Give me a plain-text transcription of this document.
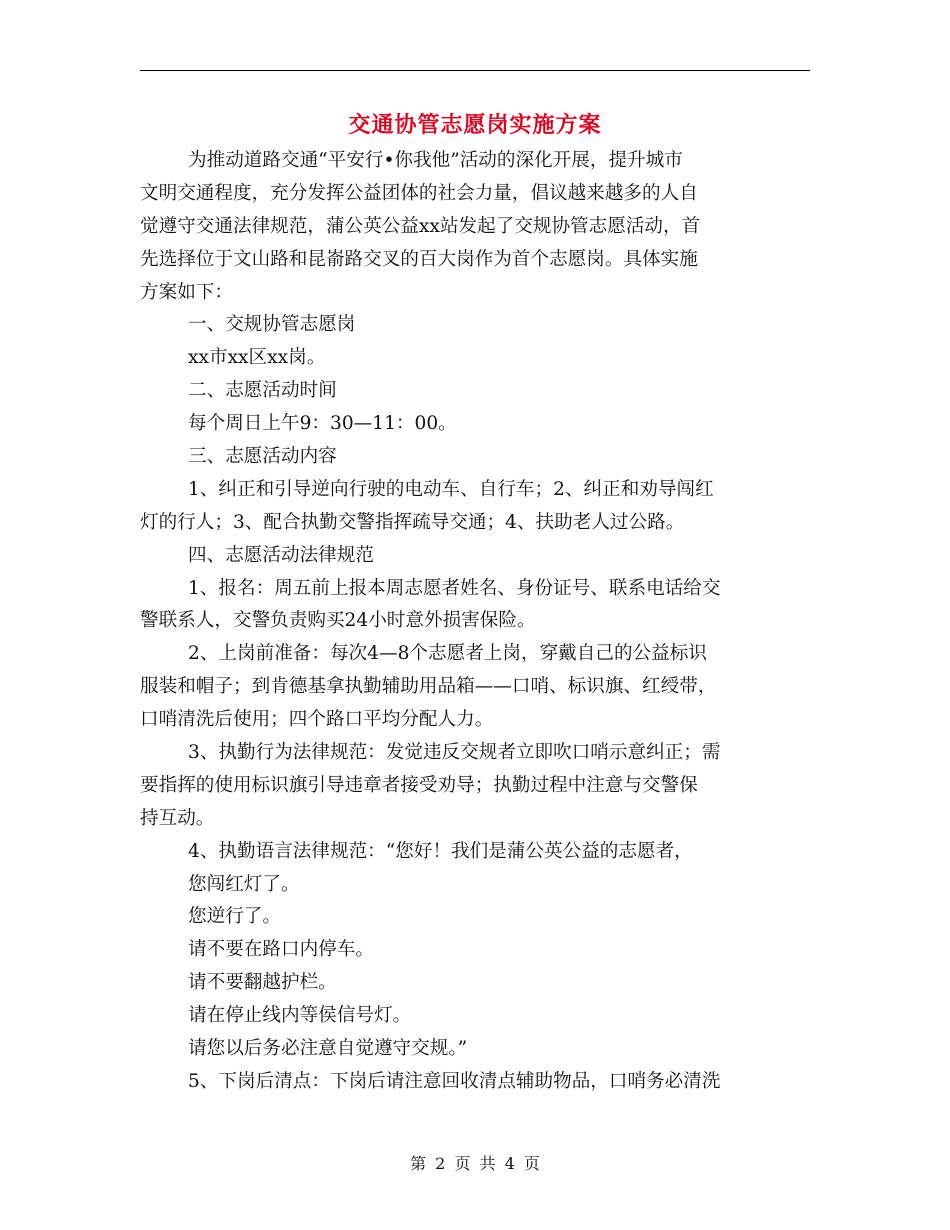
交通协管志愿岗实施方案
为推动道路交通“平安行•你我他”活动的深化开展，提升城市
文明交通程度，充分发挥公益团体的社会力量，倡议越来越多的人自
觉遵守交通法律规范，蒲公英公益xx站发起了交规协管志愿活动，首
先选择位于文山路和昆嵛路交叉的百大岗作为首个志愿岗。具体实施
方案如下：
一、交规协管志愿岗
xx市xx区xx岗。
二、志愿活动时间
每个周日上午9：30—11：00。
三、志愿活动内容
1、纠正和引导逆向行驶的电动车、自行车；2、纠正和劝导闯红
灯的行人；3、配合执勤交警指挥疏导交通；4、扶助老人过公路。
四、志愿活动法律规范
1、报名：周五前上报本周志愿者姓名、身份证号、联系电话给交
警联系人，交警负责购买24小时意外损害保险。
2、上岗前准备：每次4—8个志愿者上岗，穿戴自己的公益标识
服装和帽子；到肯德基拿执勤辅助用品箱——口哨、标识旗、红绶带，
口哨清洗后使用；四个路口平均分配人力。
3、执勤行为法律规范：发觉违反交规者立即吹口哨示意纠正；需
要指挥的使用标识旗引导违章者接受劝导；执勤过程中注意与交警保
持互动。
4、执勤语言法律规范：“您好！我们是蒲公英公益的志愿者，
您闯红灯了。
您逆行了。
请不要在路口内停车。
请不要翻越护栏。
请在停止线内等侯信号灯。
请您以后务必注意自觉遵守交规。”
5、下岗后清点：下岗后请注意回收清点辅助物品，口哨务必清洗
第 2 页 共 4 页
